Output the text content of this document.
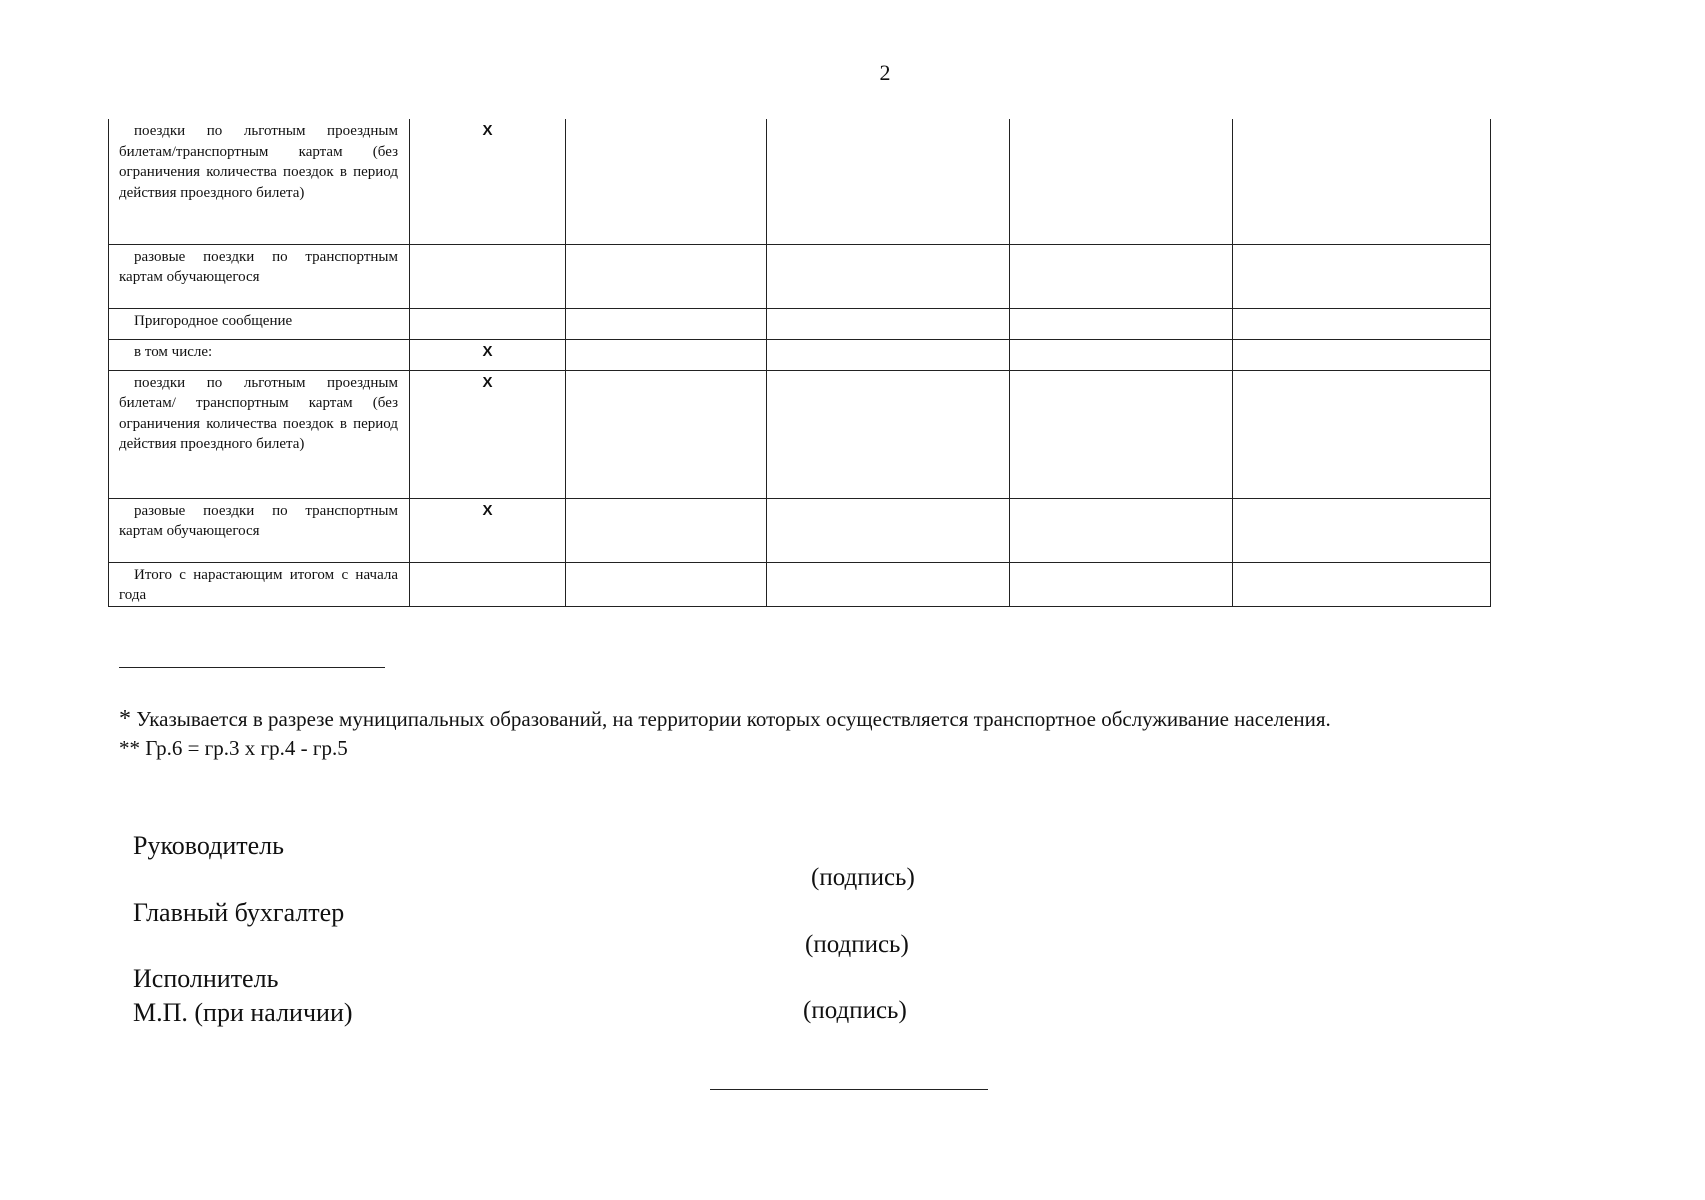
2
поездки по льготным проездным билетам/транспортным картам (без ограничения количества поездок в период действия проездного билета)	X				

разовые поездки по транспортным картам обучающегося					

Пригородное сообщение					

в том числе:	X				

поездки по льготным проездным билетам/ транспортным картам (без ограничения количества поездок в период действия проездного билета)	X				

разовые поездки по транспортным картам обучающегося	X				

Итого с нарастающим итогом с начала года					

* Указывается в разрезе муниципальных образований, на территории которых осуществляется транспортное обслуживание населения.

** Гр.6 = гр.3 х гр.4 - гр.5

Руководитель
(подпись)
Главный бухгалтер
(подпись)
Исполнитель
М.П. (при наличии)	(подпись)
